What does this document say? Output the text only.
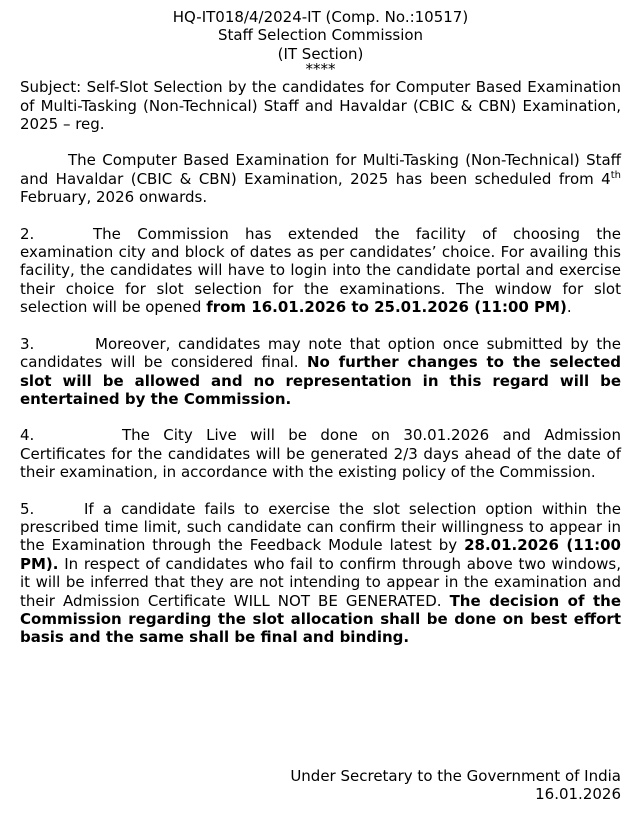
HQ-IT018/4/2024-IT (Comp. No.:10517)

Staff Selection Commission

(IT Section)

****

Subject: Self-Slot Selection by the candidates for Computer Based Examination of Multi-Tasking (Non-Technical) Staff and Havaldar (CBIC & CBN) Examination, 2025 – reg.

The Computer Based Examination for Multi-Tasking (Non-Technical) Staff and Havaldar (CBIC & CBN) Examination, 2025 has been scheduled from 4th February, 2026 onwards.

2.	The Commission has extended the facility of choosing the examination city and block of dates as per candidates’ choice. For availing this facility, the candidates will have to login into the candidate portal and exercise their choice for slot selection for the examinations. The window for slot selection will be opened from 16.01.2026 to 25.01.2026 (11:00 PM).

3.	Moreover, candidates may note that option once submitted by the candidates will be considered final. No further changes to the selected slot will be allowed and no representation in this regard will be entertained by the Commission.

4.	The City Live will be done on 30.01.2026 and Admission Certificates for the candidates will be generated 2/3 days ahead of the date of their examination, in accordance with the existing policy of the Commission.

5.	If a candidate fails to exercise the slot selection option within the prescribed time limit, such candidate can confirm their willingness to appear in the Examination through the Feedback Module latest by 28.01.2026 (11:00 PM). In respect of candidates who fail to confirm through above two windows, it will be inferred that they are not intending to appear in the examination and their Admission Certificate WILL NOT BE GENERATED. The decision of the Commission regarding the slot allocation shall be done on best effort basis and the same shall be final and binding.

Under Secretary to the Government of India
16.01.2026
